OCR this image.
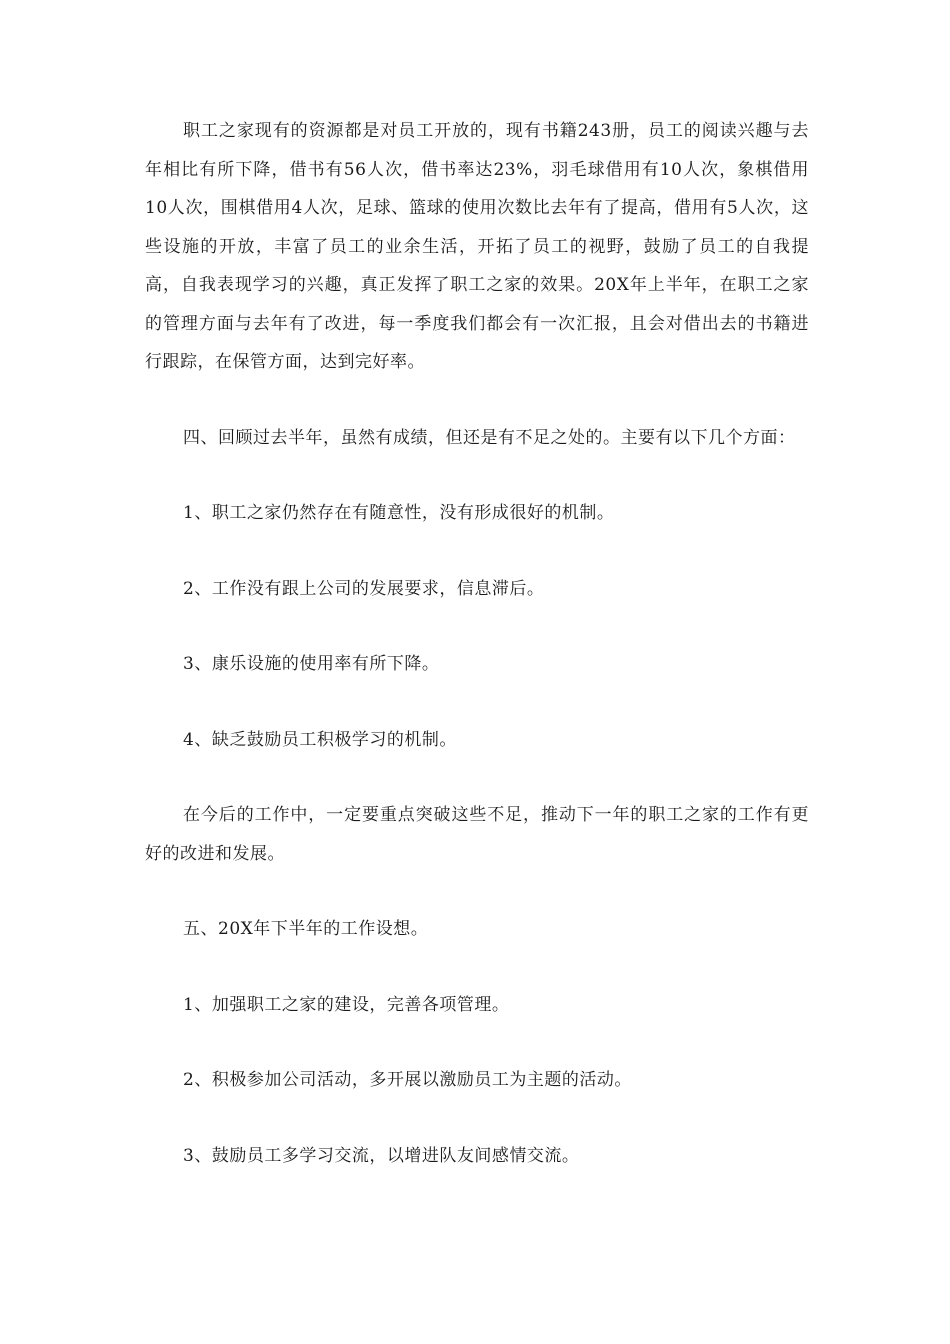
职工之家现有的资源都是对员工开放的，现有书籍243册，员工的阅读兴趣与去年相比有所下降，借书有56人次，借书率达23%，羽毛球借用有10人次，象棋借用10人次，围棋借用4人次，足球、篮球的使用次数比去年有了提高，借用有5人次，这些设施的开放，丰富了员工的业余生活，开拓了员工的视野，鼓励了员工的自我提高，自我表现学习的兴趣，真正发挥了职工之家的效果。20X年上半年，在职工之家的管理方面与去年有了改进，每一季度我们都会有一次汇报，且会对借出去的书籍进行跟踪，在保管方面，达到完好率。

四、回顾过去半年，虽然有成绩，但还是有不足之处的。主要有以下几个方面：

1、职工之家仍然存在有随意性，没有形成很好的机制。

2、工作没有跟上公司的发展要求，信息滞后。

3、康乐设施的使用率有所下降。

4、缺乏鼓励员工积极学习的机制。

在今后的工作中，一定要重点突破这些不足，推动下一年的职工之家的工作有更好的改进和发展。

五、20X年下半年的工作设想。

1、加强职工之家的建设，完善各项管理。

2、积极参加公司活动，多开展以激励员工为主题的活动。

3、鼓励员工多学习交流，以增进队友间感情交流。
